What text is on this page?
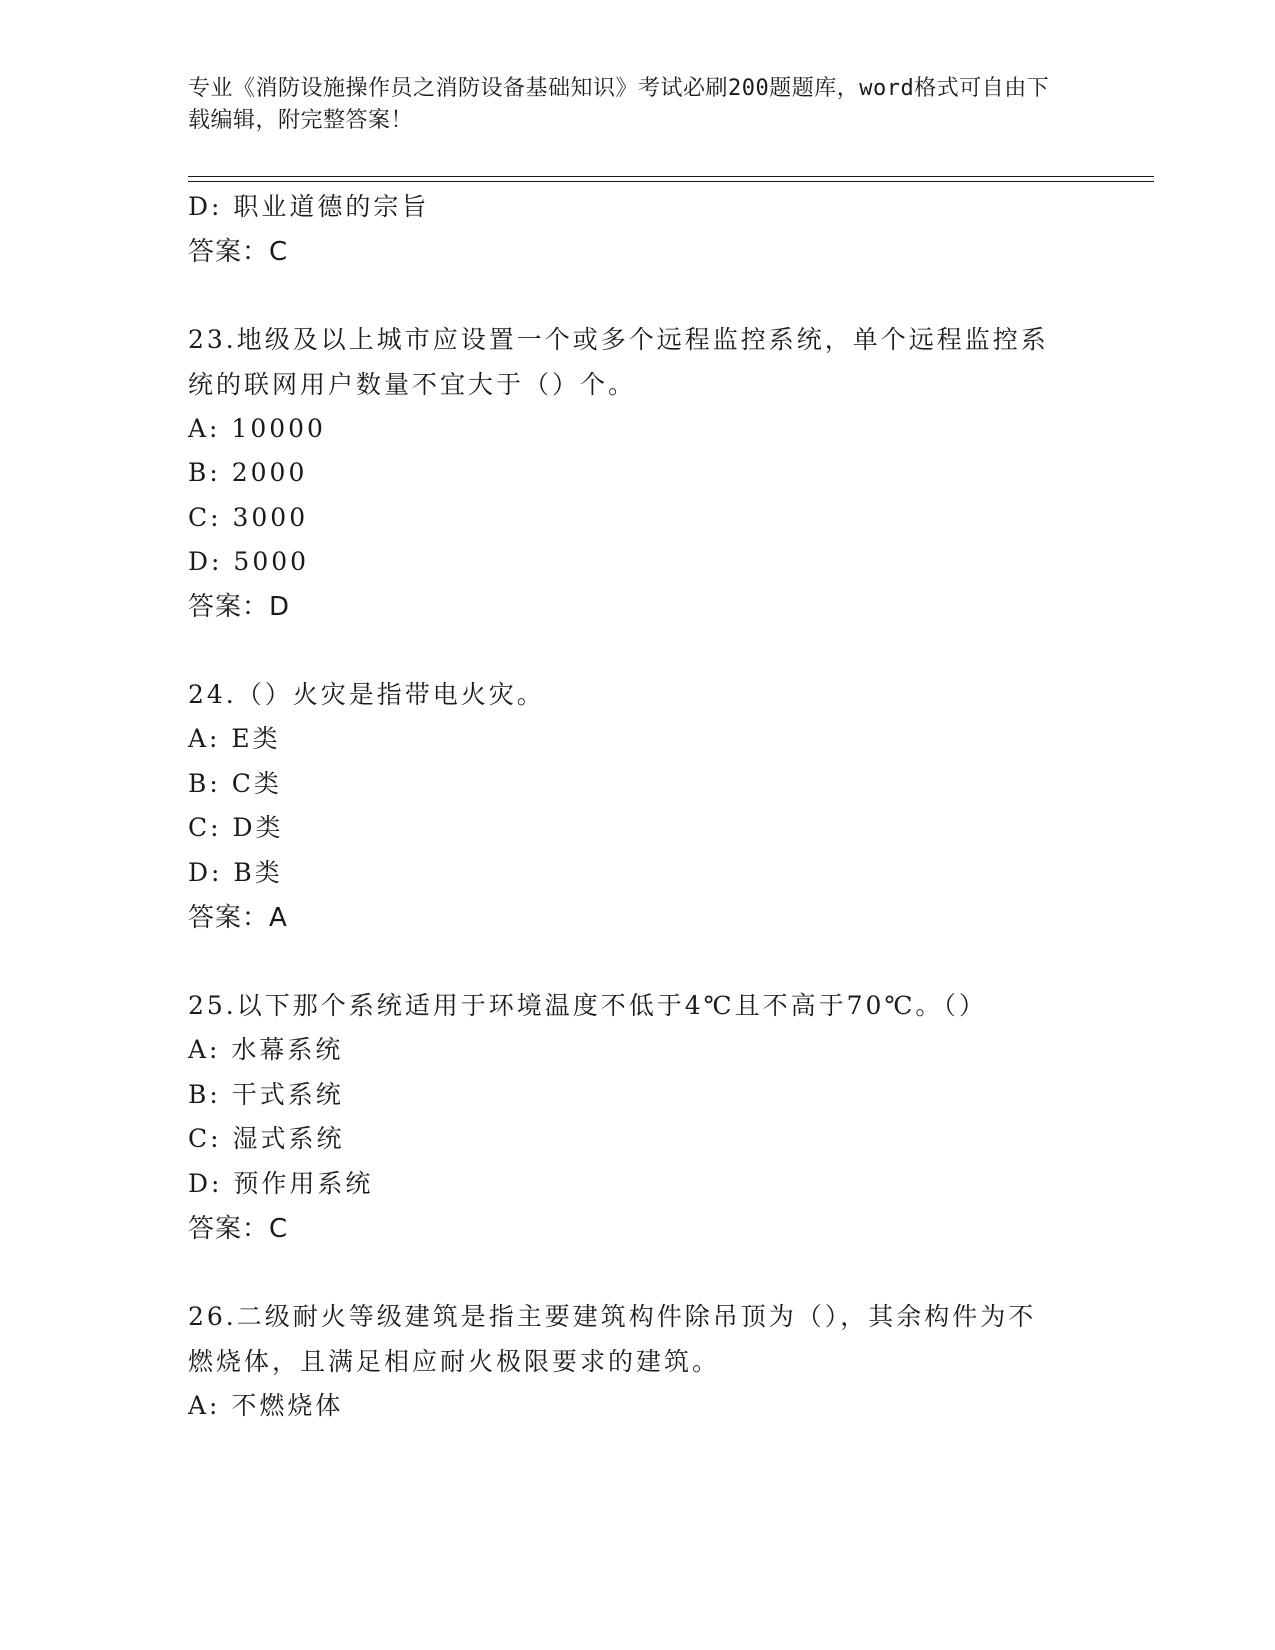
专业《消防设施操作员之消防设备基础知识》考试必刷200题题库，word格式可自由下载编辑，附完整答案！
D: 职业道德的宗旨
答案：C
23.地级及以上城市应设置一个或多个远程监控系统，单个远程监控系
统的联网用户数量不宜大于（）个。
A: 10000
B: 2000
C: 3000
D: 5000
答案：D
24.（）火灾是指带电火灾。
A: E类
B: C类
C: D类
D: B类
答案：A
25.以下那个系统适用于环境温度不低于4℃且不高于70℃。（）
A: 水幕系统
B: 干式系统
C: 湿式系统
D: 预作用系统
答案：C
26.二级耐火等级建筑是指主要建筑构件除吊顶为（），其余构件为不
燃烧体，且满足相应耐火极限要求的建筑。
A: 不燃烧体
